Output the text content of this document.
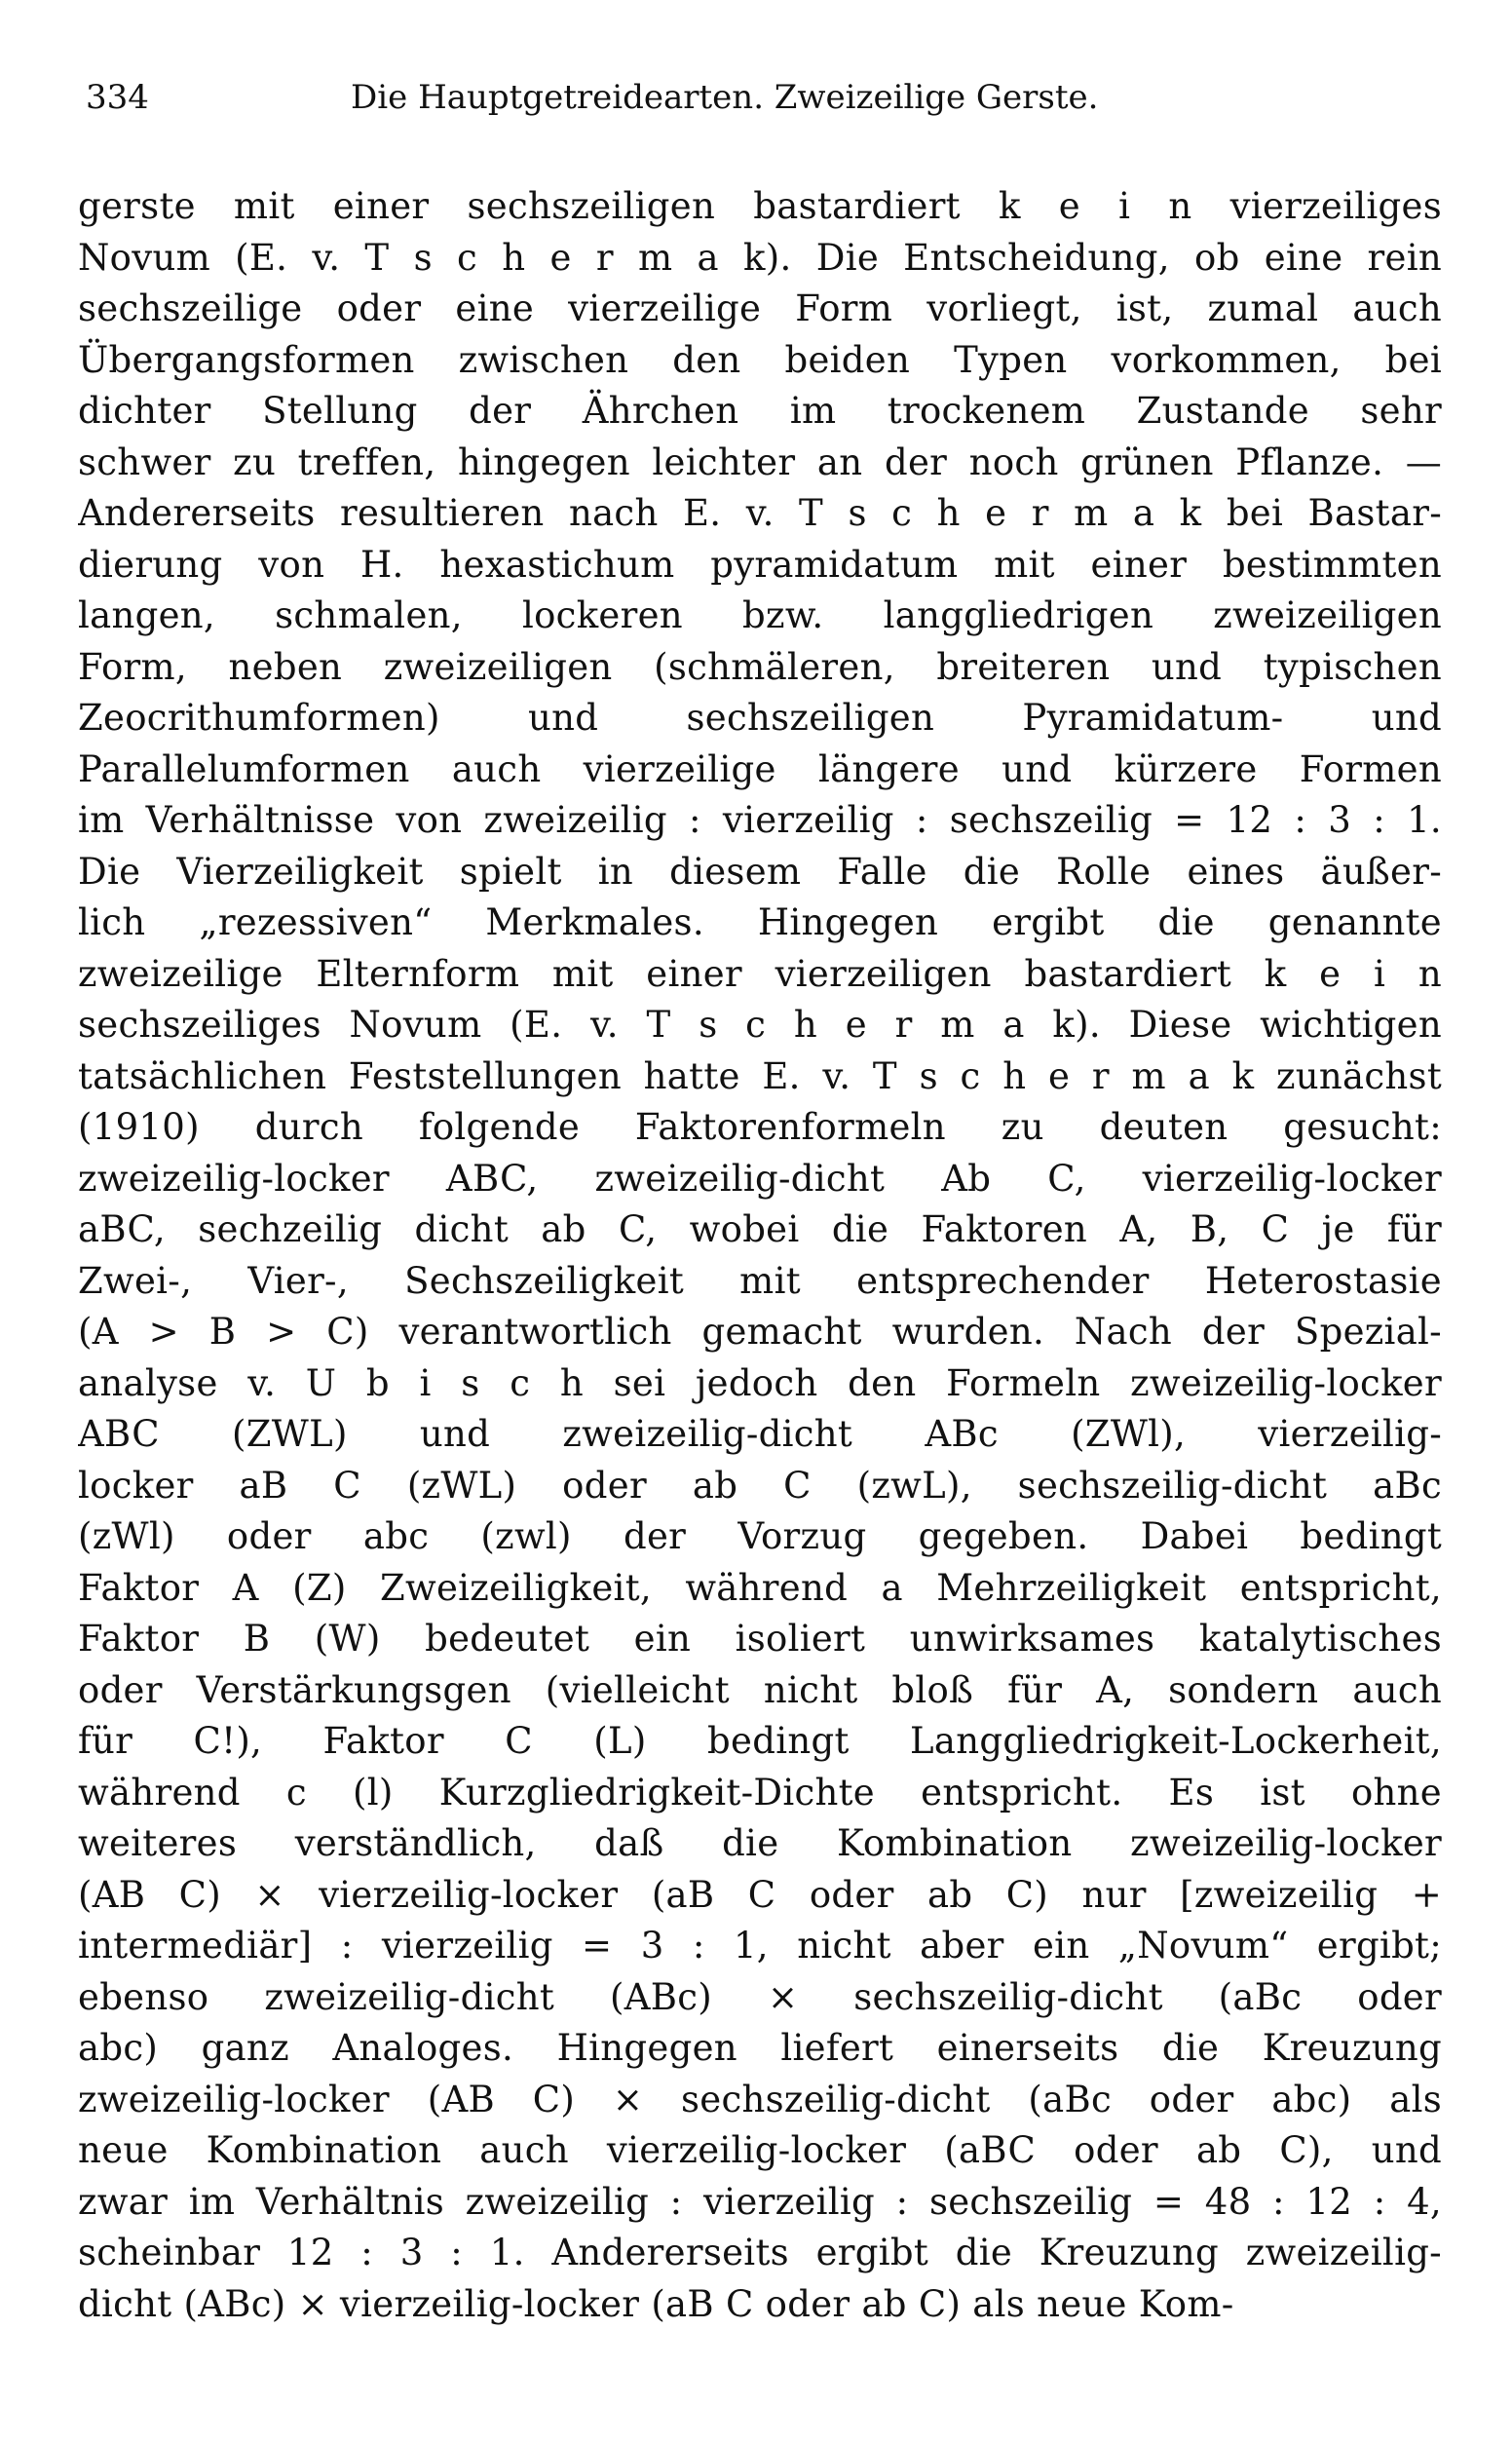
334	Die Hauptgetreidearten. Zweizeilige Gerste.
gerste mit einer sechszeiligen bastardiert k e i n vierzeiliges
Novum (E. v. T s c h e r m a k). Die Entscheidung, ob eine rein
sechszeilige oder eine vierzeilige Form vorliegt, ist, zumal auch
Übergangsformen zwischen den beiden Typen vorkommen, bei
dichter Stellung der Ährchen im trockenem Zustande sehr
schwer zu treffen, hingegen leichter an der noch grünen Pflanze. —
Andererseits resultieren nach E. v. T s c h e r m a k bei Bastar-
dierung von H. hexastichum pyramidatum mit einer bestimmten
langen, schmalen, lockeren bzw. langgliedrigen zweizeiligen
Form, neben zweizeiligen (schmäleren, breiteren und typischen
Zeocrithumformen) und sechszeiligen Pyramidatum- und
Parallelumformen auch vierzeilige längere und kürzere Formen
im Verhältnisse von zweizeilig : vierzeilig : sechszeilig = 12 : 3 : 1.
Die Vierzeiligkeit spielt in diesem Falle die Rolle eines äußer-
lich „rezessiven“ Merkmales. Hingegen ergibt die genannte
zweizeilige Elternform mit einer vierzeiligen bastardiert k e i n
sechszeiliges Novum (E. v. T s c h e r m a k). Diese wichtigen
tatsächlichen Feststellungen hatte E. v. T s c h e r m a k zunächst
(1910) durch folgende Faktorenformeln zu deuten gesucht:
zweizeilig-locker ABC, zweizeilig-dicht Ab C, vierzeilig-locker
aBC, sechzeilig dicht ab C, wobei die Faktoren A, B, C je für
Zwei-, Vier-, Sechszeiligkeit mit entsprechender Heterostasie
(A > B > C) verantwortlich gemacht wurden. Nach der Spezial-
analyse v. U b i s c h sei jedoch den Formeln zweizeilig-locker
ABC (ZWL) und zweizeilig-dicht ABc (ZWl), vierzeilig-
locker aB C (zWL) oder ab C (zwL), sechszeilig-dicht aBc
(zWl) oder abc (zwl) der Vorzug gegeben. Dabei bedingt
Faktor A (Z) Zweizeiligkeit, während a Mehrzeiligkeit entspricht,
Faktor B (W) bedeutet ein isoliert unwirksames katalytisches
oder Verstärkungsgen (vielleicht nicht bloß für A, sondern auch
für C!), Faktor C (L) bedingt Langgliedrigkeit-Lockerheit,
während c (l) Kurzgliedrigkeit-Dichte entspricht. Es ist ohne
weiteres verständlich, daß die Kombination zweizeilig-locker
(AB C) × vierzeilig-locker (aB C oder ab C) nur [zweizeilig +
intermediär] : vierzeilig = 3 : 1, nicht aber ein „Novum“ ergibt;
ebenso zweizeilig-dicht (ABc) × sechszeilig-dicht (aBc oder
abc) ganz Analoges. Hingegen liefert einerseits die Kreuzung
zweizeilig-locker (AB C) × sechszeilig-dicht (aBc oder abc) als
neue Kombination auch vierzeilig-locker (aBC oder ab C), und
zwar im Verhältnis zweizeilig : vierzeilig : sechszeilig = 48 : 12 : 4,
scheinbar 12 : 3 : 1. Andererseits ergibt die Kreuzung zweizeilig-
dicht (ABc) × vierzeilig-locker (aB C oder ab C) als neue Kom-
